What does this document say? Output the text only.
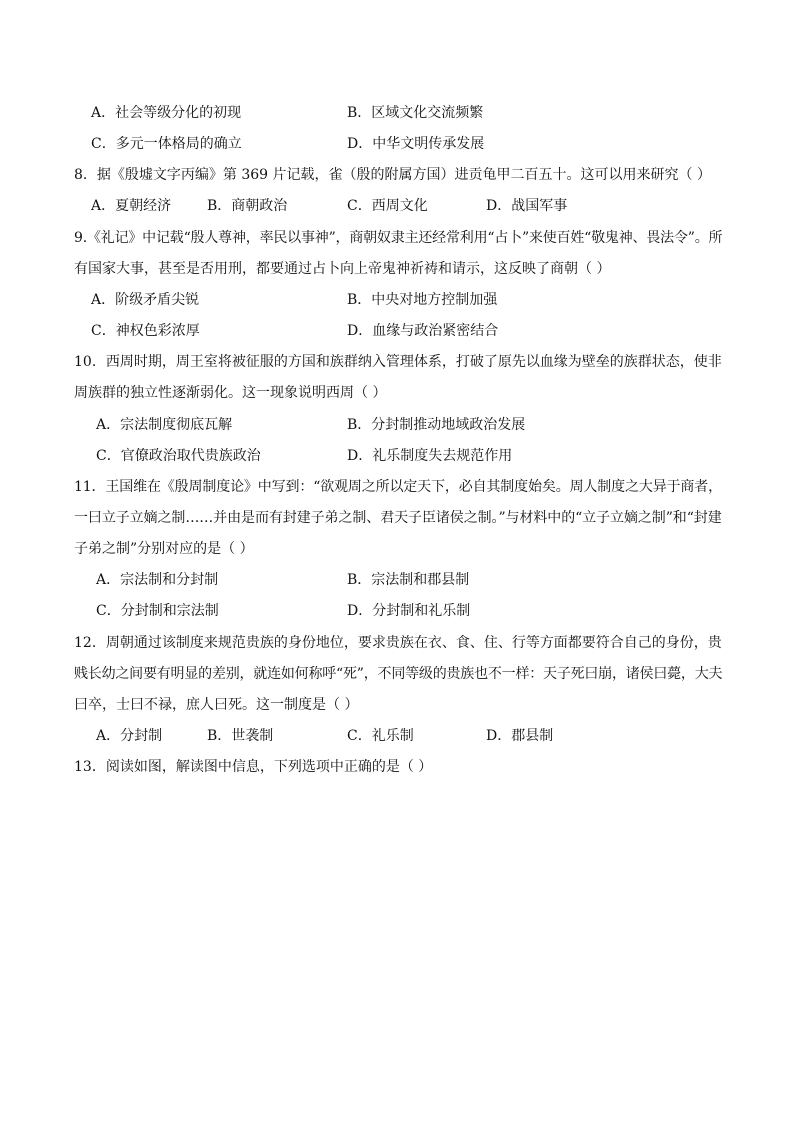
A．社会等级分化的初现	B．区域文化交流频繁
C．多元一体格局的确立	D．中华文明传承发展
8．据《殷墟文字丙编》第 369 片记载，雀（殷的附属方国）进贡龟甲二百五十。这可以用来研究（ ）
A．夏朝经济	B．商朝政治	C．西周文化	D．战国军事
9.《礼记》中记载“殷人尊神，率民以事神”，商朝奴隶主还经常利用“占卜”来使百姓“敬鬼神、畏法令”。所
有国家大事，甚至是否用刑，都要通过占卜向上帝鬼神祈祷和请示，这反映了商朝（ ）
A．阶级矛盾尖锐	B．中央对地方控制加强
C．神权色彩浓厚	D．血缘与政治紧密结合
10．西周时期，周王室将被征服的方国和族群纳入管理体系，打破了原先以血缘为壁垒的族群状态，使非
周族群的独立性逐渐弱化。这一现象说明西周（ ）
A．宗法制度彻底瓦解	B．分封制推动地域政治发展
C．官僚政治取代贵族政治	D．礼乐制度失去规范作用
11．王国维在《殷周制度论》中写到：“欲观周之所以定天下，必自其制度始矣。周人制度之大异于商者，
一曰立子立嫡之制……并由是而有封建子弟之制、君天子臣诸侯之制。”与材料中的“立子立嫡之制”和“封建
子弟之制”分别对应的是（ ）
A．宗法制和分封制	B．宗法制和郡县制
C．分封制和宗法制	D．分封制和礼乐制
12．周朝通过该制度来规范贵族的身份地位，要求贵族在衣、食、住、行等方面都要符合自己的身份，贵
贱长幼之间要有明显的差别，就连如何称呼“死”，不同等级的贵族也不一样：天子死曰崩，诸侯曰薨，大夫
曰卒，士曰不禄，庶人曰死。这一制度是（ ）
A．分封制	B．世袭制	C．礼乐制	D．郡县制
13．阅读如图，解读图中信息，下列选项中正确的是（ ）
